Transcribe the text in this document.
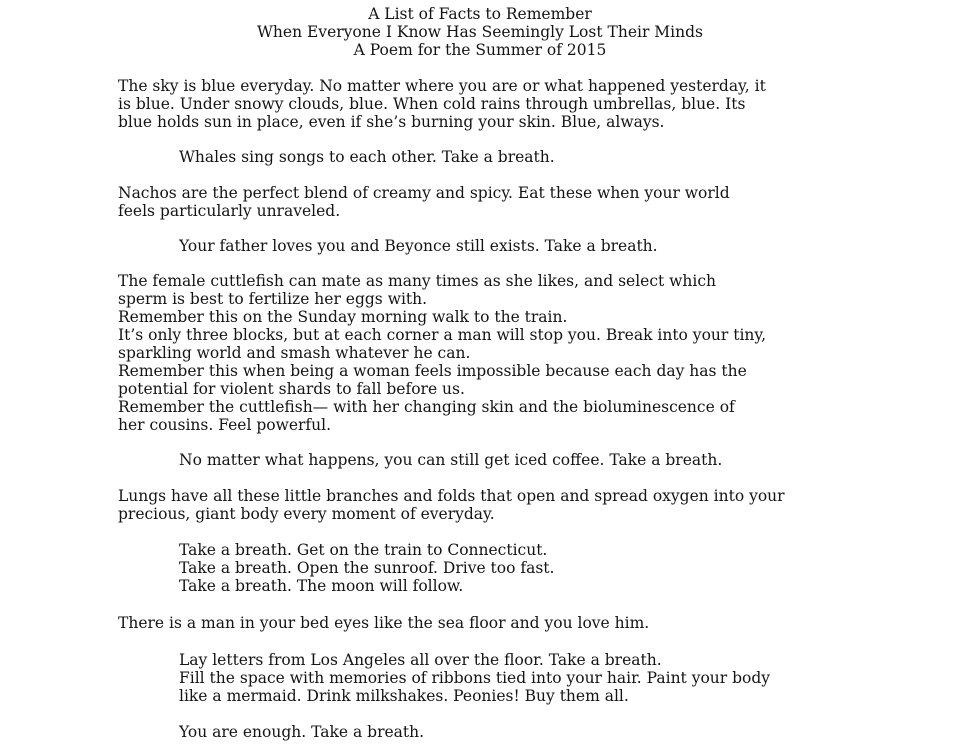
A List of Facts to Remember
When Everyone I Know Has Seemingly Lost Their Minds
A Poem for the Summer of 2015
The sky is blue everyday. No matter where you are or what happened yesterday, it
is blue. Under snowy clouds, blue. When cold rains through umbrellas, blue. Its
blue holds sun in place, even if she’s burning your skin. Blue, always.
Whales sing songs to each other. Take a breath.
Nachos are the perfect blend of creamy and spicy. Eat these when your world
feels particularly unraveled.
Your father loves you and Beyonce still exists. Take a breath.
The female cuttlefish can mate as many times as she likes, and select which
sperm is best to fertilize her eggs with.
Remember this on the Sunday morning walk to the train.
It’s only three blocks, but at each corner a man will stop you. Break into your tiny,
sparkling world and smash whatever he can.
Remember this when being a woman feels impossible because each day has the
potential for violent shards to fall before us.
Remember the cuttlefish— with her changing skin and the bioluminescence of
her cousins. Feel powerful.
No matter what happens, you can still get iced coffee. Take a breath.
Lungs have all these little branches and folds that open and spread oxygen into your
precious, giant body every moment of everyday.
Take a breath. Get on the train to Connecticut.
Take a breath. Open the sunroof. Drive too fast.
Take a breath. The moon will follow.
There is a man in your bed eyes like the sea floor and you love him.
Lay letters from Los Angeles all over the floor. Take a breath.
Fill the space with memories of ribbons tied into your hair. Paint your body
like a mermaid. Drink milkshakes. Peonies! Buy them all.
You are enough. Take a breath.
